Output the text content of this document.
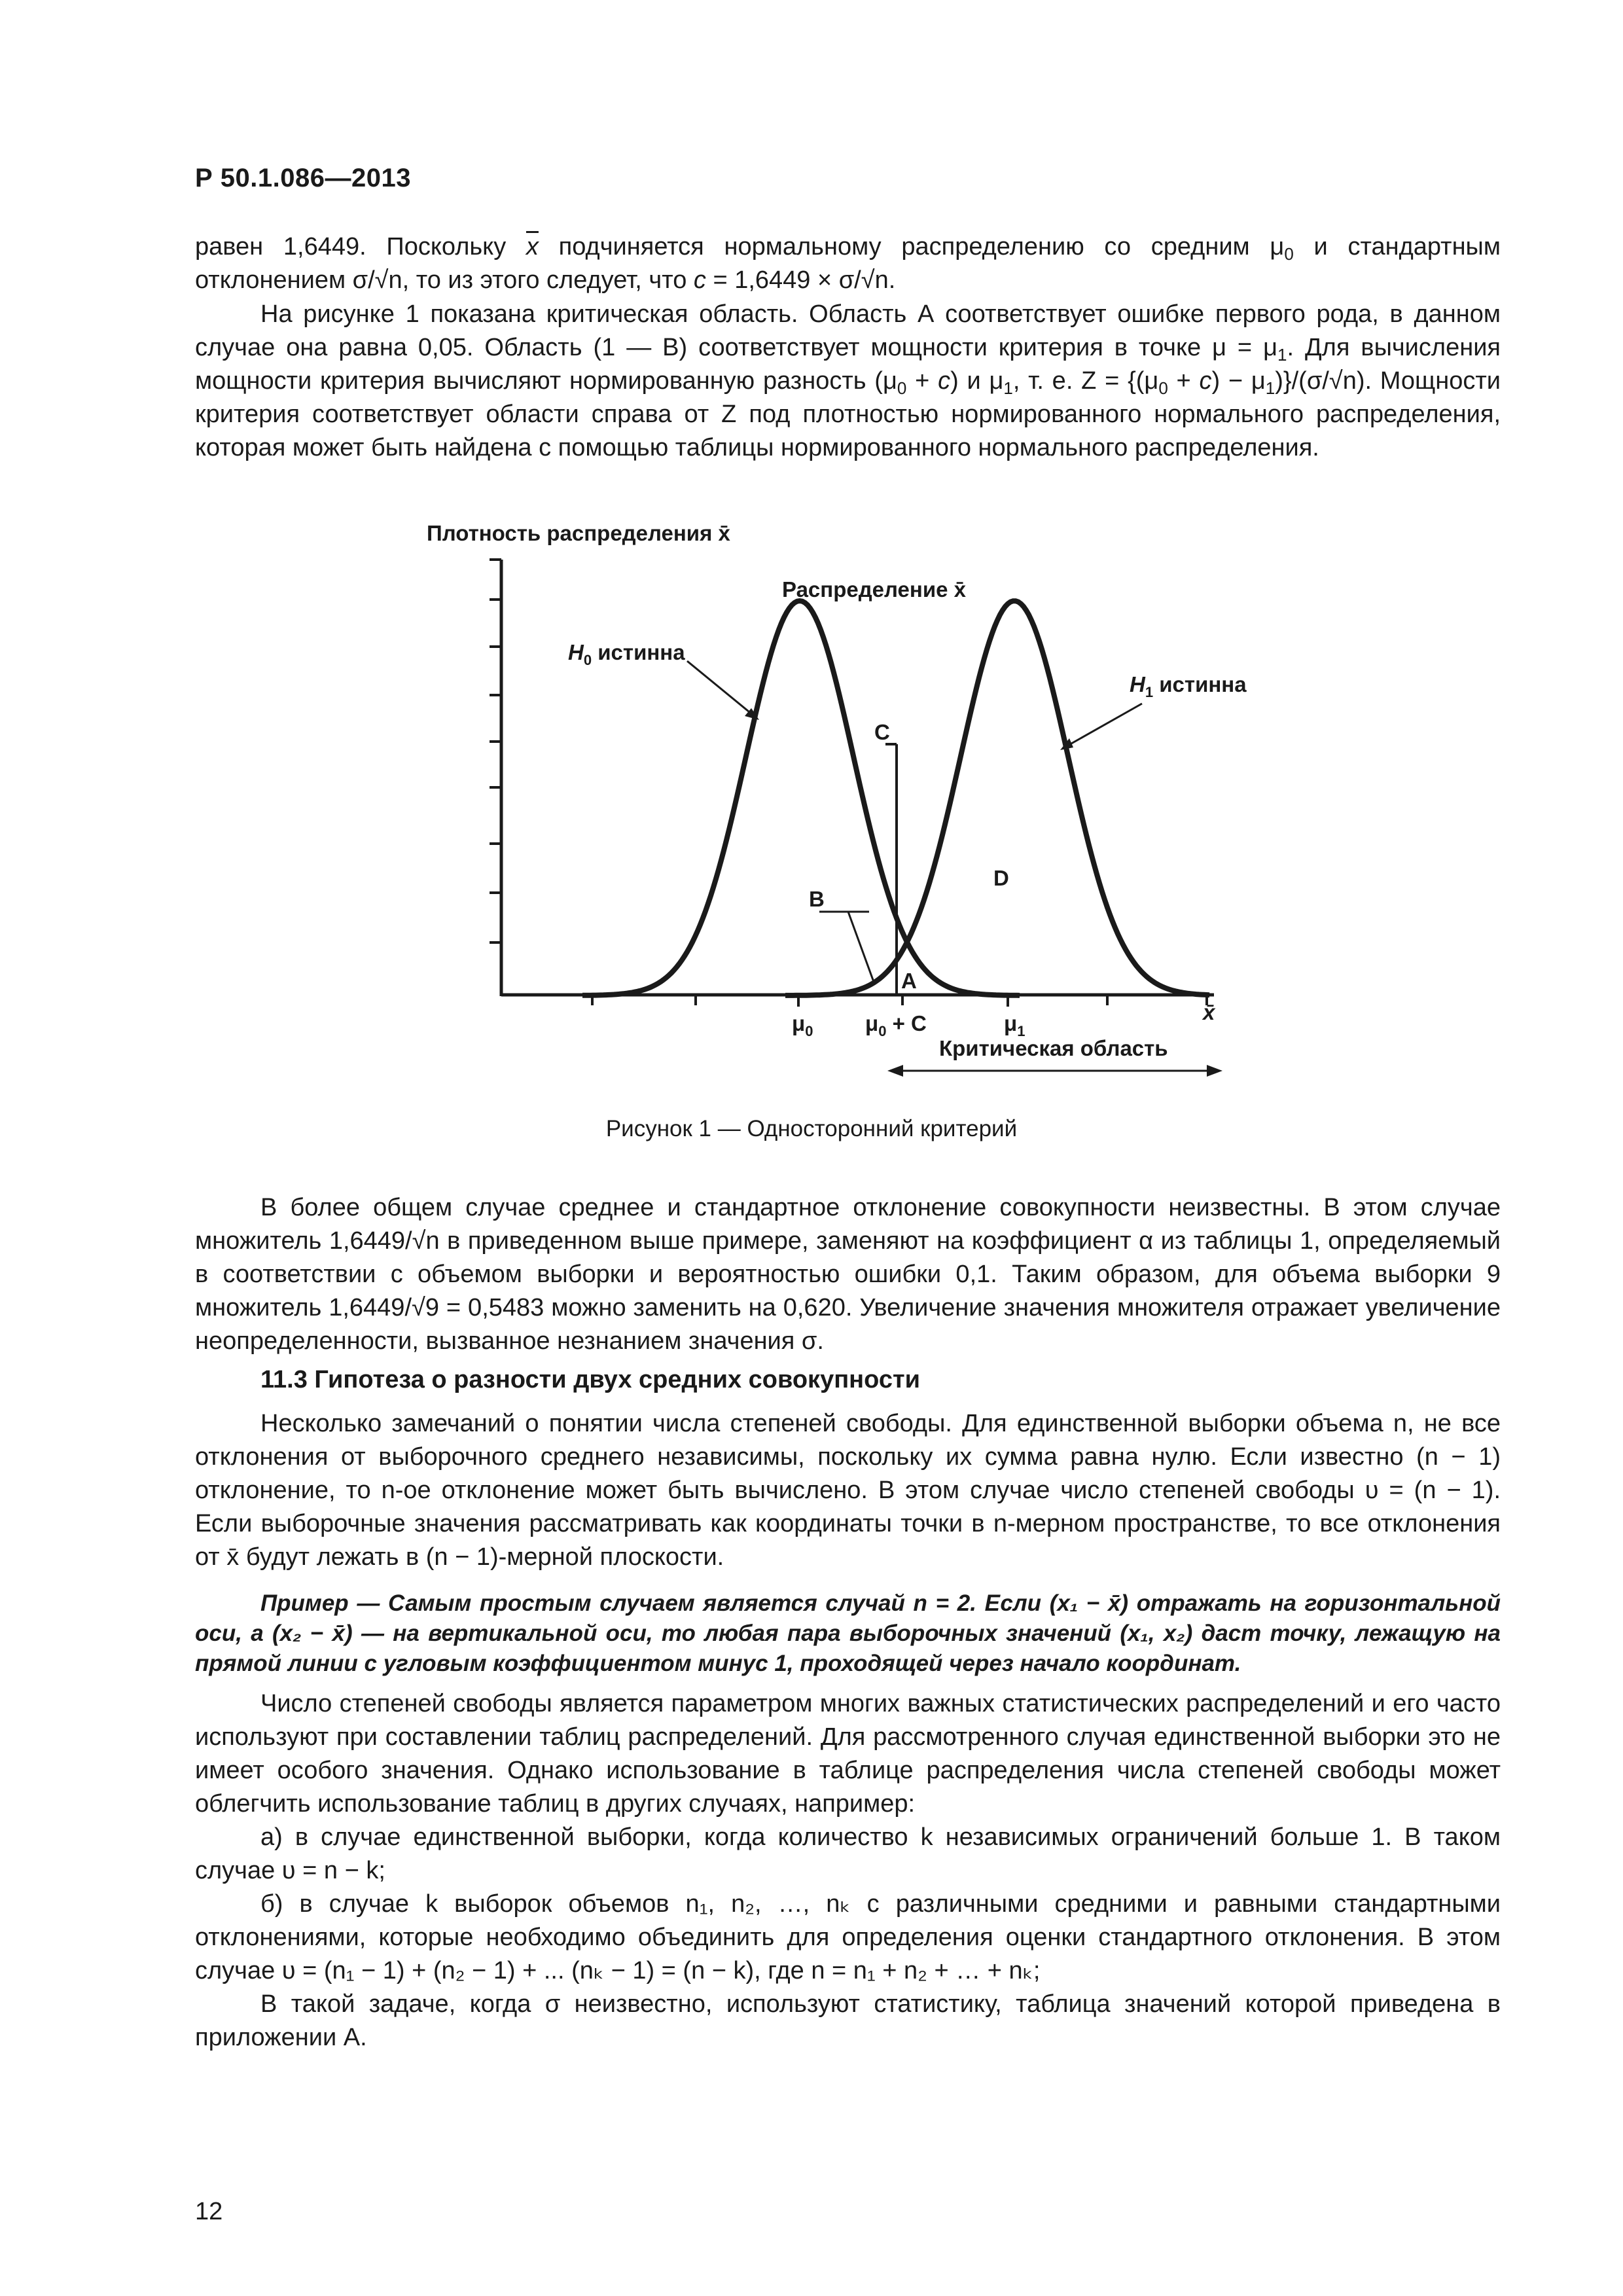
Р 50.1.086—2013

равен 1,6449. Поскольку $\overline{x}$ подчиняется нормальному распределению со средним $\mu_0$ и стандартным отклонением σ/√n, то из этого следует, что c = 1,6449 × σ/√n.

На рисунке 1 показана критическая область. Область А соответствует ошибке первого рода, в данном случае она равна 0,05. Область (1 — В) соответствует мощности критерия в точке $\mu = \mu_1$. Для вычисления мощности критерия вычисляют нормированную разность $(\mu_0 + c)$ и $\mu_1$, т. е. $Z = \{(\mu_0 + c) - \mu_1)\}/(\sigma/√n)$. Мощности критерия соответствует области справа от Z под плотностью нормированного нормального распределения, которая может быть найдена с помощью таблицы нормированного нормального распределения.

Плотность распределения x̄
Распределение x̄
$H_0$ истинна
$H_1$ истинна
C
B
A
D
$\mu_0$ $\mu_0 + C$	$\mu_1$
x̄
Критическая область
Рисунок 1 — Односторонний критерий

В более общем случае среднее и стандартное отклонение совокупности неизвестны. В этом случае множитель 1,6449/√n в приведенном выше примере, заменяют на коэффициент α из таблицы 1, определяемый в соответствии с объемом выборки и вероятностью ошибки 0,1. Таким образом, для объема выборки 9 множитель 1,6449/√9 = 0,5483 можно заменить на 0,620. Увеличение значения множителя отражает увеличение неопределенности, вызванное незнанием значения σ.

11.3 Гипотеза о разности двух средних совокупности

Несколько замечаний о понятии числа степеней свободы. Для единственной выборки объема n, не все отклонения от выборочного среднего независимы, поскольку их сумма равна нулю. Если известно (n − 1) отклонение, то n-ое отклонение может быть вычислено. В этом случае число степеней свободы υ = (n − 1). Если выборочные значения рассматривать как координаты точки в n-мерном пространстве, то все отклонения от x̄ будут лежать в (n − 1)-мерной плоскости.

Пример — Самым простым случаем является случай n = 2. Если (x₁ − x̄) отражать на горизонтальной оси, а (x₂ − x̄) — на вертикальной оси, то любая пара выборочных значений (x₁, x₂) даст точку, лежащую на прямой линии с угловым коэффициентом минус 1, проходящей через начало координат.

Число степеней свободы является параметром многих важных статистических распределений и его часто используют при составлении таблиц распределений. Для рассмотренного случая единственной выборки это не имеет особого значения. Однако использование в таблице распределения числа степеней свободы может облегчить использование таблиц в других случаях, например:

а) в случае единственной выборки, когда количество k независимых ограничений больше 1. В таком случае υ = n − k;

б) в случае k выборок объемов n₁, n₂, …, nₖ с различными средними и равными стандартными отклонениями, которые необходимо объединить для определения оценки стандартного отклонения. В этом случае υ = (n₁ − 1) + (n₂ − 1) + ... (nₖ − 1) = (n − k), где n = n₁ + n₂ + … + nₖ;

В такой задаче, когда σ неизвестно, используют статистику, таблица значений которой приведена в приложении А.

12
